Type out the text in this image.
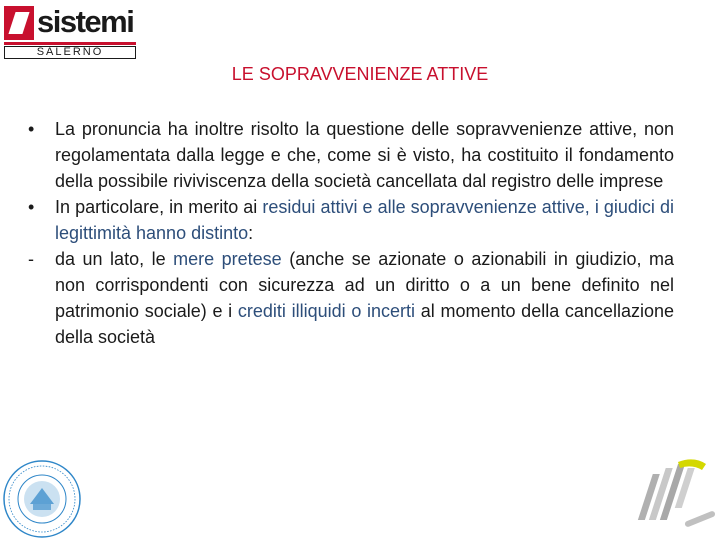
sistemi
SALERNO
LE SOPRAVVENIENZE ATTIVE

• La pronuncia ha inoltre risolto la questione delle sopravvenienze attive, non regolamentata dalla legge e che, come si è visto, ha costituito il fondamento della possibile riviviscenza della società cancellata dal registro delle imprese

• In particolare, in merito ai residui attivi e alle sopravvenienze attive, i giudici di legittimità hanno distinto:

- da un lato, le mere pretese (anche se azionate o azionabili in giudizio, ma non corrispondenti con sicurezza ad un diritto o a un bene definito nel patrimonio sociale) e i crediti illiquidi o incerti al momento della cancellazione della società
